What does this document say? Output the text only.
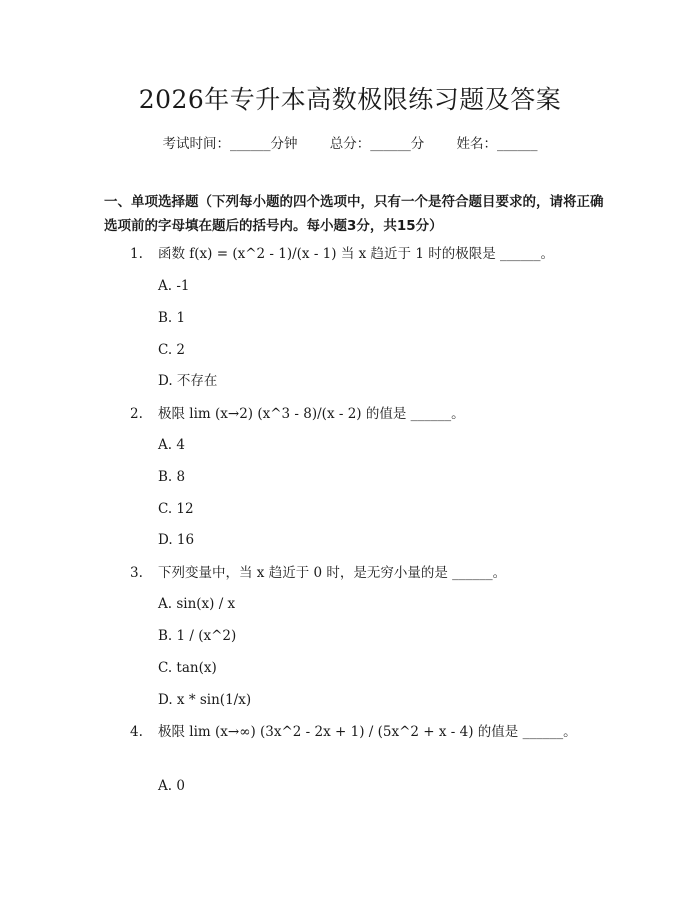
2026年专升本高数极限练习题及答案
考试时间：______分钟 总分：______分 姓名：______
一、单项选择题（下列每小题的四个选项中，只有一个是符合题目要求的，请将正确选项前的字母填在题后的括号内。每小题3分，共15分）
1. 函数 f(x) = (x^2 - 1)/(x - 1) 当 x 趋近于 1 时的极限是 ______。
A. -1
B. 1
C. 2
D. 不存在
2. 极限 lim (x→2) (x^3 - 8)/(x - 2) 的值是 ______。
A. 4
B. 8
C. 12
D. 16
3. 下列变量中，当 x 趋近于 0 时，是无穷小量的是 ______。
A. sin(x) / x
B. 1 / (x^2)
C. tan(x)
D. x * sin(1/x)
4. 极限 lim (x→∞) (3x^2 - 2x + 1) / (5x^2 + x - 4) 的值是 ______。
A. 0
